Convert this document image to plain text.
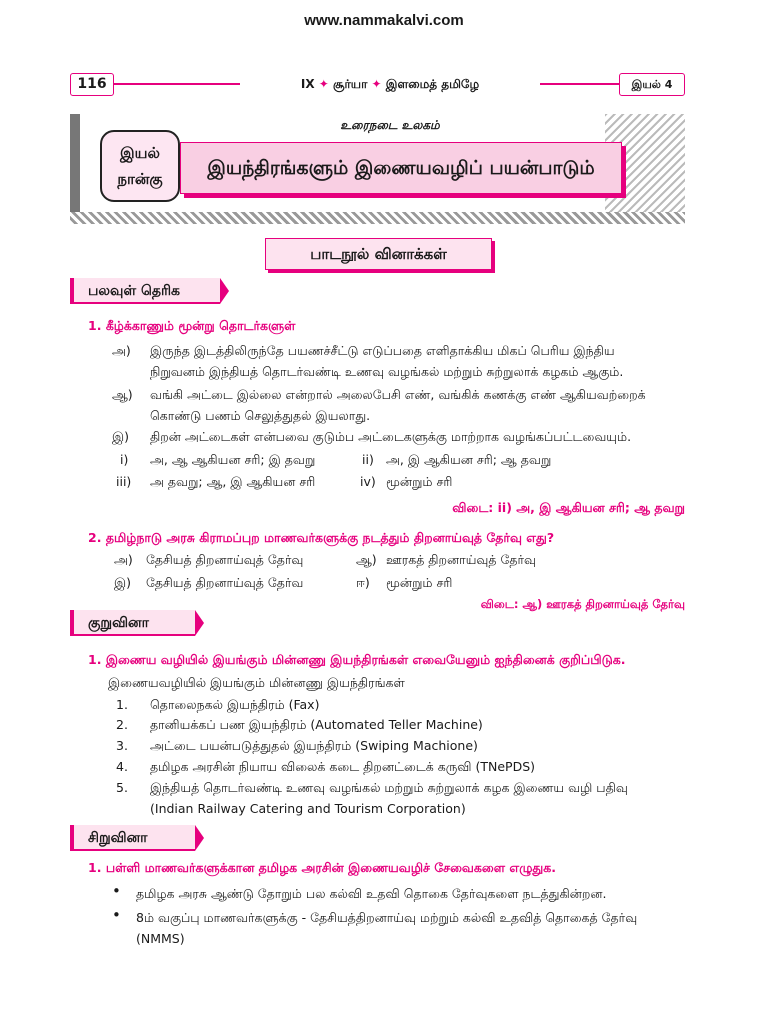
www.nammakalvi.com
116	IX ✦ சூர்யா ✦ இளமைத் தமிழே	இயல் 4
உரைநடை உலகம்
இயல்
நான்கு	இயந்திரங்களும் இணையவழிப் பயன்பாடும்
பாடநூல் வினாக்கள்
பலவுள் தெரிக
1. கீழ்க்காணும் மூன்று தொடர்களுள்
அ) இருந்த இடத்திலிருந்தே பயணச்சீட்டு எடுப்பதை எளிதாக்கிய மிகப் பெரிய இந்திய
நிறுவனம் இந்தியத் தொடர்வண்டி உணவு வழங்கல் மற்றும் சுற்றுலாக் கழகம் ஆகும்.
ஆ) வங்கி அட்டை இல்லை என்றால் அலைபேசி எண், வங்கிக் கணக்கு எண் ஆகியவற்றைக்
கொண்டு பணம் செலுத்துதல் இயலாது.
இ) திறன் அட்டைகள் என்பவை குடும்ப அட்டைகளுக்கு மாற்றாக வழங்கப்பட்டவையும்.
i) அ, ஆ ஆகியன சரி; இ தவறு	ii) அ, இ ஆகியன சரி; ஆ தவறு
iii) அ தவறு; ஆ, இ ஆகியன சரி	iv) மூன்றும் சரி
விடை: ii) அ, இ ஆகியன சரி; ஆ தவறு
2. தமிழ்நாடு அரசு கிராமப்புற மாணவர்களுக்கு நடத்தும் திறனாய்வுத் தேர்வு எது?
அ) தேசியத் திறனாய்வுத் தேர்வு	ஆ) ஊரகத் திறனாய்வுத் தேர்வு
இ) தேசியத் திறனாய்வுத் தேர்வ	ஈ) மூன்றும் சரி
விடை: ஆ) ஊரகத் திறனாய்வுத் தேர்வு
குறுவினா
1. இணைய வழியில் இயங்கும் மின்னணு இயந்திரங்கள் எவையேனும் ஐந்தினைக் குறிப்பிடுக.
இணையவழியில் இயங்கும் மின்னணு இயந்திரங்கள்
1. தொலைநகல் இயந்திரம் (Fax)
2. தானியக்கப் பண இயந்திரம் (Automated Teller Machine)
3. அட்டை பயன்படுத்துதல் இயந்திரம் (Swiping Machione)
4. தமிழக அரசின் நியாய விலைக் கடை திறனட்டைக் கருவி (TNePDS)
5. இந்தியத் தொடர்வண்டி உணவு வழங்கல் மற்றும் சுற்றுலாக் கழக இணைய வழி பதிவு
(Indian Railway Catering and Tourism Corporation)
சிறுவினா
1. பள்ளி மாணவர்களுக்கான தமிழக அரசின் இணையவழிச் சேவைகளை எழுதுக.
• தமிழக அரசு ஆண்டு தோறும் பல கல்வி உதவி தொகை தேர்வுகளை நடத்துகின்றன.
• 8ம் வகுப்பு மாணவர்களுக்கு - தேசியத்திறனாய்வு மற்றும் கல்வி உதவித் தொகைத் தேர்வு
(NMMS)
